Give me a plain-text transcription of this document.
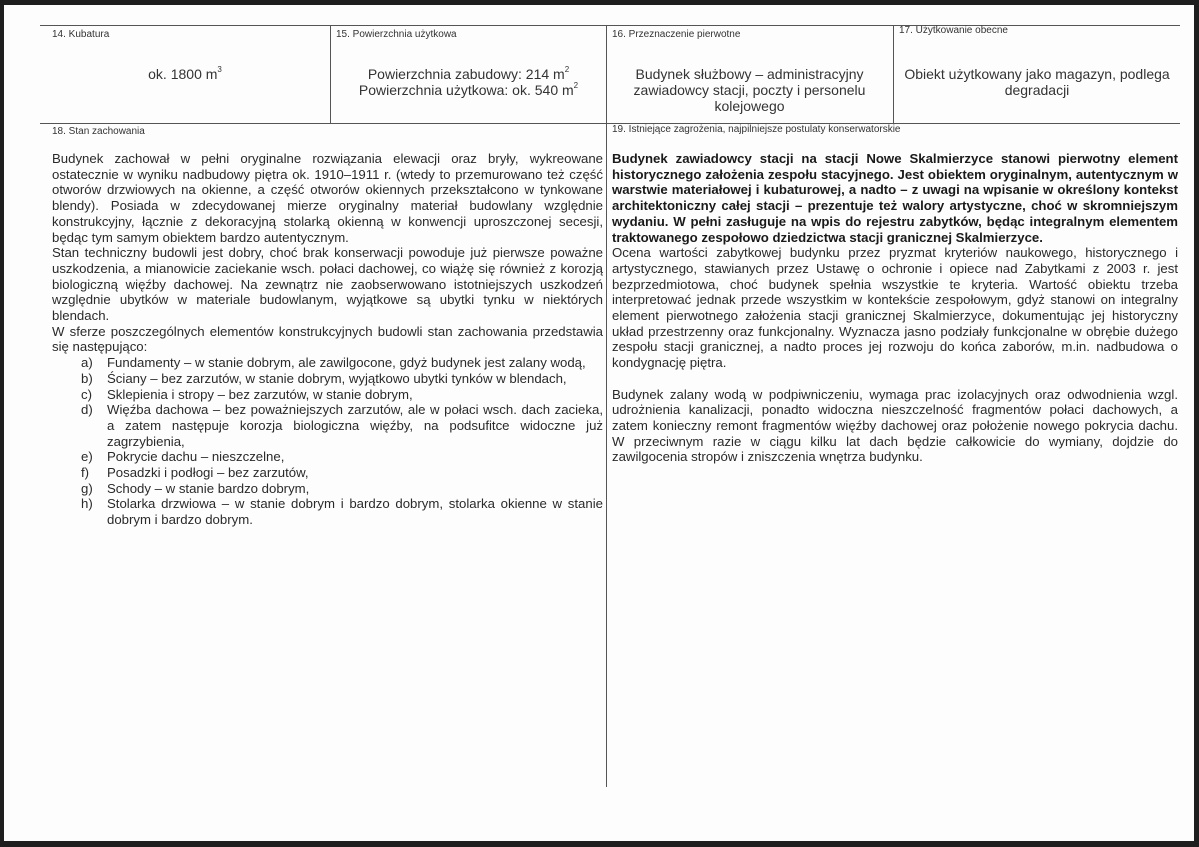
14. Kubatura
ok. 1800 $m^3$
15. Powierzchnia użytkowa
Powierzchnia zabudowy: 214 $m^2$
Powierzchnia użytkowa: ok. 540 $m^2$
16. Przeznaczenie pierwotne
Budynek służbowy – administracyjny zawiadowcy stacji, poczty i personelu kolejowego
17. Użytkowanie obecne
Obiekt użytkowany jako magazyn, podlega degradacji
18. Stan zachowania

Budynek zachował w pełni oryginalne rozwiązania elewacji oraz bryły, wykreowane ostatecznie w wyniku nadbudowy piętra ok. 1910–1911 r. (wtedy to przemurowano też część otworów drzwiowych na okienne, a część otworów okiennych przekształcono w tynkowane blendy). Posiada w zdecydowanej mierze oryginalny materiał budowlany względnie konstrukcyjny, łącznie z dekoracyjną stolarką okienną w konwencji uproszczonej secesji, będąc tym samym obiektem bardzo autentycznym.

Stan techniczny budowli jest dobry, choć brak konserwacji powoduje już pierwsze poważne uszkodzenia, a mianowicie zaciekanie wsch. połaci dachowej, co wiążę się również z korozją biologiczną więźby dachowej. Na zewnątrz nie zaobserwowano istotniejszych uszkodzeń względnie ubytków w materiale budowlanym, wyjątkowe są ubytki tynku w niektórych blendach.

W sferze poszczególnych elementów konstrukcyjnych budowli stan zachowania przedstawia się następująco:

a) Fundamenty – w stanie dobrym, ale zawilgocone, gdyż budynek jest zalany wodą,
b) Ściany – bez zarzutów, w stanie dobrym, wyjątkowo ubytki tynków w blendach,
c) Sklepienia i stropy – bez zarzutów, w stanie dobrym,
d) Więźba dachowa – bez poważniejszych zarzutów, ale w połaci wsch. dach zacieka, a zatem następuje korozja biologiczna więźby, na podsufitce widoczne już zagrzybienia,
e) Pokrycie dachu – nieszczelne,
f) Posadzki i podłogi – bez zarzutów,
g) Schody – w stanie bardzo dobrym,
h) Stolarka drzwiowa – w stanie dobrym i bardzo dobrym, stolarka okienne w stanie dobrym i bardzo dobrym.
19. Istniejące zagrożenia, najpilniejsze postulaty konserwatorskie

Budynek zawiadowcy stacji na stacji Nowe Skalmierzyce stanowi pierwotny element historycznego założenia zespołu stacyjnego. Jest obiektem oryginalnym, autentycznym w warstwie materiałowej i kubaturowej, a nadto – z uwagi na wpisanie w określony kontekst architektoniczny całej stacji – prezentuje też walory artystyczne, choć w skromniejszym wydaniu. W pełni zasługuje na wpis do rejestru zabytków, będąc integralnym elementem traktowanego zespołowo dziedzictwa stacji granicznej Skalmierzyce.

Ocena wartości zabytkowej budynku przez pryzmat kryteriów naukowego, historycznego i artystycznego, stawianych przez Ustawę o ochronie i opiece nad Zabytkami z 2003 r. jest bezprzedmiotowa, choć budynek spełnia wszystkie te kryteria. Wartość obiektu trzeba interpretować jednak przede wszystkim w kontekście zespołowym, gdyż stanowi on integralny element pierwotnego założenia stacji granicznej Skalmierzyce, dokumentując jej historyczny układ przestrzenny oraz funkcjonalny. Wyznacza jasno podziały funkcjonalne w obrębie dużego zespołu stacji granicznej, a nadto proces jej rozwoju do końca zaborów, m.in. nadbudowa o kondygnację piętra.

Budynek zalany wodą w podpiwniczeniu, wymaga prac izolacyjnych oraz odwodnienia wzgl. udrożnienia kanalizacji, ponadto widoczna nieszczelność fragmentów połaci dachowych, a zatem konieczny remont fragmentów więźby dachowej oraz położenie nowego pokrycia dachu. W przeciwnym razie w ciągu kilku lat dach będzie całkowicie do wymiany, dojdzie do zawilgocenia stropów i zniszczenia wnętrza budynku.
